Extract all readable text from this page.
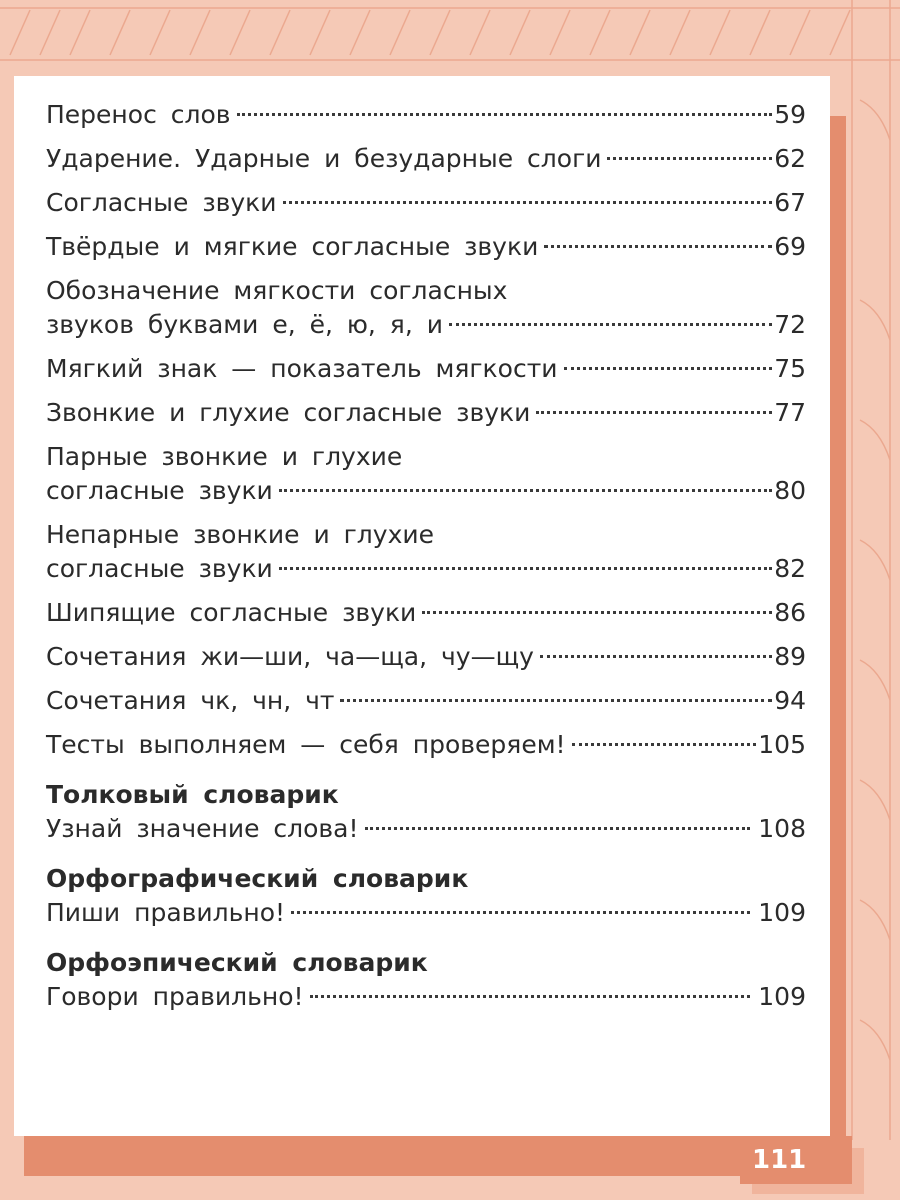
Перенос слов	59
Ударение. Ударные и безударные слоги	62
Согласные звуки	67
Твёрдые и мягкие согласные звуки	69
Обозначение мягкости согласных
звуков буквами е, ё, ю, я, и	72
Мягкий знак — показатель мягкости	75
Звонкие и глухие согласные звуки	77
Парные звонкие и глухие
согласные звуки	80
Непарные звонкие и глухие
согласные звуки	82
Шипящие согласные звуки	86
Сочетания жи—ши, ча—ща, чу—щу	89
Сочетания чк, чн, чт	94
Тесты выполняем — себя проверяем!	105
Толковый словарик
Узнай значение слова!	108
Орфографический словарик
Пиши правильно!	109
Орфоэпический словарик
Говори правильно!	109
111
